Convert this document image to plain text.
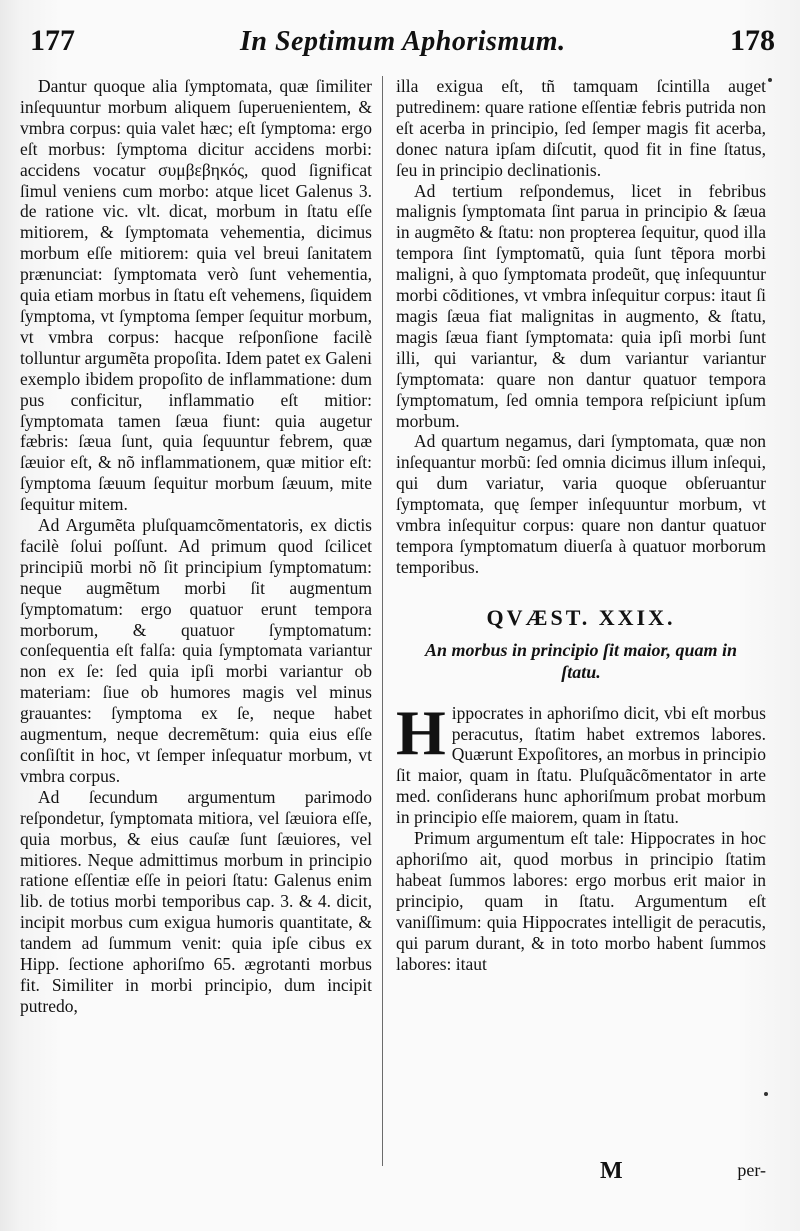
177	In Septimum Aphorismum.	178

Dantur quoque alia ſymptomata, quæ ſimiliter inſequuntur morbum aliquem ſuperuenientem, & vmbra corpus: quia valet hæc; eſt ſymptoma: ergo eſt morbus: ſymptoma dicitur accidens morbi: accidens vocatur συμβεβηκός, quod ſignificat ſimul veniens cum morbo: atque licet Galenus 3. de ratione vic. vlt. dicat, morbum in ſtatu eſſe mitiorem, & ſymptomata vehementia, dicimus morbum eſſe mitiorem: quia vel breui ſanitatem prænunciat: ſymptomata verò ſunt vehementia, quia etiam morbus in ſtatu eſt vehemens, ſiquidem ſymptoma, vt ſymptoma ſemper ſequitur morbum, vt vmbra corpus: hacque reſponſione facilè tolluntur argumẽta propoſita. Idem patet ex Galeni exemplo ibidem propoſito de inflammatione: dum pus conficitur, inflammatio eſt mitior: ſymptomata tamen ſæua fiunt: quia augetur fæbris: ſæua ſunt, quia ſequuntur febrem, quæ ſæuior eſt, & nõ inflammationem, quæ mitior eſt: ſymptoma ſæuum ſequitur morbum ſæuum, mite ſequitur mitem.

Ad Argumẽta pluſquamcõmentatoris, ex dictis facilè ſolui poſſunt. Ad primum quod ſcilicet principiũ morbi nõ ſit principium ſymptomatum: neque augmẽtum morbi ſit augmentum ſymptomatum: ergo quatuor erunt tempora morborum, & quatuor ſymptomatum: conſequentia eſt falſa: quia ſymptomata variantur non ex ſe: ſed quia ipſi morbi variantur ob materiam: ſiue ob humores magis vel minus grauantes: ſymptoma ex ſe, neque habet augmentum, neque decremẽtum: quia eius eſſe conſiſtit in hoc, vt ſemper inſequatur morbum, vt vmbra corpus.

Ad ſecundum argumentum parimodo reſpondetur, ſymptomata mitiora, vel ſæuiora eſſe, quia morbus, & eius cauſæ ſunt ſæuiores, vel mitiores. Neque admittimus morbum in principio ratione eſſentiæ eſſe in peiori ſtatu: Galenus enim lib. de totius morbi temporibus cap. 3. & 4. dicit, incipit morbus cum exigua humoris quantitate, & tandem ad ſummum venit: quia ipſe cibus ex Hipp. ſectione aphoriſmo 65. ægrotanti morbus fit. Similiter in morbi principio, dum incipit putredo,

illa exigua eſt, tñ tamquam ſcintilla auget putredinem: quare ratione eſſentiæ febris putrida non eſt acerba in principio, ſed ſemper magis fit acerba, donec natura ipſam diſcutit, quod fit in fine ſtatus, ſeu in principio declinationis.

Ad tertium reſpondemus, licet in febribus malignis ſymptomata ſint parua in principio & ſæua in augmẽto & ſtatu: non propterea ſequitur, quod illa tempora ſint ſymptomatũ, quia ſunt tẽpora morbi maligni, à quo ſymptomata prodeũt, quę inſequuntur morbi cõditiones, vt vmbra inſequitur corpus: itaut ſi magis ſæua fiat malignitas in augmento, & ſtatu, magis ſæua fiant ſymptomata: quia ipſi morbi ſunt illi, qui variantur, & dum variantur variantur ſymptomata: quare non dantur quatuor tempora ſymptomatum, ſed omnia tempora reſpiciunt ipſum morbum.

Ad quartum negamus, dari ſymptomata, quæ non inſequantur morbũ: ſed omnia dicimus illum inſequi, qui dum variatur, varia quoque obſeruantur ſymptomata, quę ſemper inſequuntur morbum, vt vmbra inſequitur corpus: quare non dantur quatuor tempora ſymptomatum diuerſa à quatuor morborum temporibus.

QVÆST. XXIX.
An morbus in principio ſit maior, quam in ſtatu.

Hippocrates in aphoriſmo dicit, vbi eſt morbus peracutus, ſtatim habet extremos labores. Quærunt Expoſitores, an morbus in principio ſit maior, quam in ſtatu. Pluſquãcõmentator in arte med. conſiderans hunc aphoriſmum probat morbum in principio eſſe maiorem, quam in ſtatu.

Primum argumentum eſt tale: Hippocrates in hoc aphoriſmo ait, quod morbus in principio ſtatim habeat ſummos labores: ergo morbus erit maior in principio, quam in ſtatu. Argumentum eſt vaniſſimum: quia Hippocrates intelligit de peracutis, qui parum durant, & in toto morbo habent ſummos labores: itaut

M	per-
